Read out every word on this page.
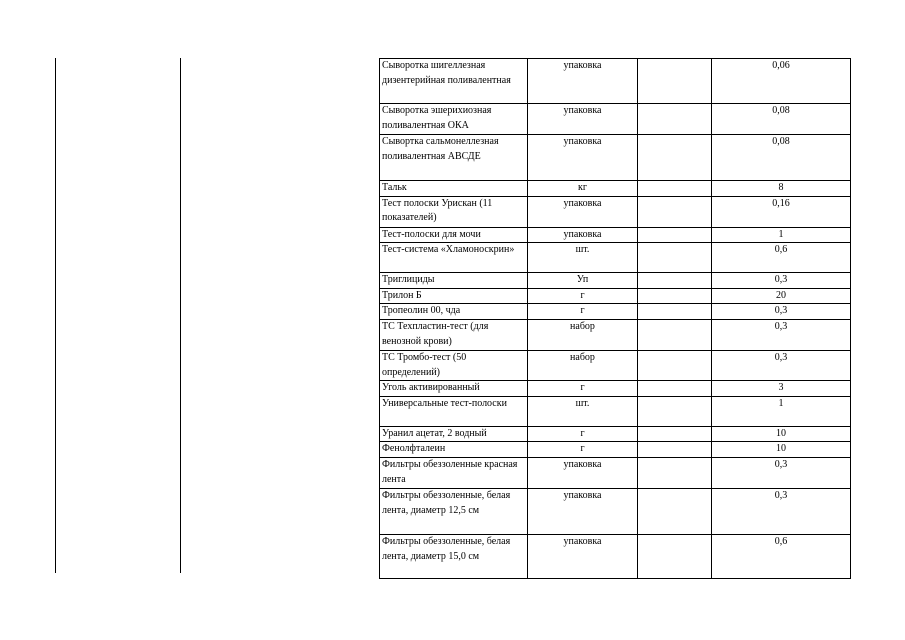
Сыворотка шигеллезная дизентерийная поливалентная	упаковка		0,06
Сыворотка эшерихиозная поливалентная ОКА	упаковка		0,08
Сывортка сальмонеллезная поливалентная АВСДЕ	упаковка		0,08
Тальк	кг		8
Тест полоски Урискан (11 показателей)	упаковка		0,16
Тест-полоски для мочи	упаковка		1
Тест-система «Хламоноскрин»	шт.		0,6
Триглициды	Уп		0,3
Трилон Б	г		20
Тропеолин 00, чда	г		0,3
ТС Техпластин-тест (для венозной крови)	набор		0,3
ТС Тромбо-тест (50 определений)	набор		0,3
Уголь активированный	г		3
Универсальные тест-полоски	шт.		1
Уранил ацетат, 2 водный	г		10
Фенолфталеин	г		10
Фильтры обеззоленные красная лента	упаковка		0,3
Фильтры обеззоленные, белая лента, диаметр 12,5 см	упаковка		0,3
Фильтры обеззоленные, белая лента, диаметр 15,0 см	упаковка		0,6
